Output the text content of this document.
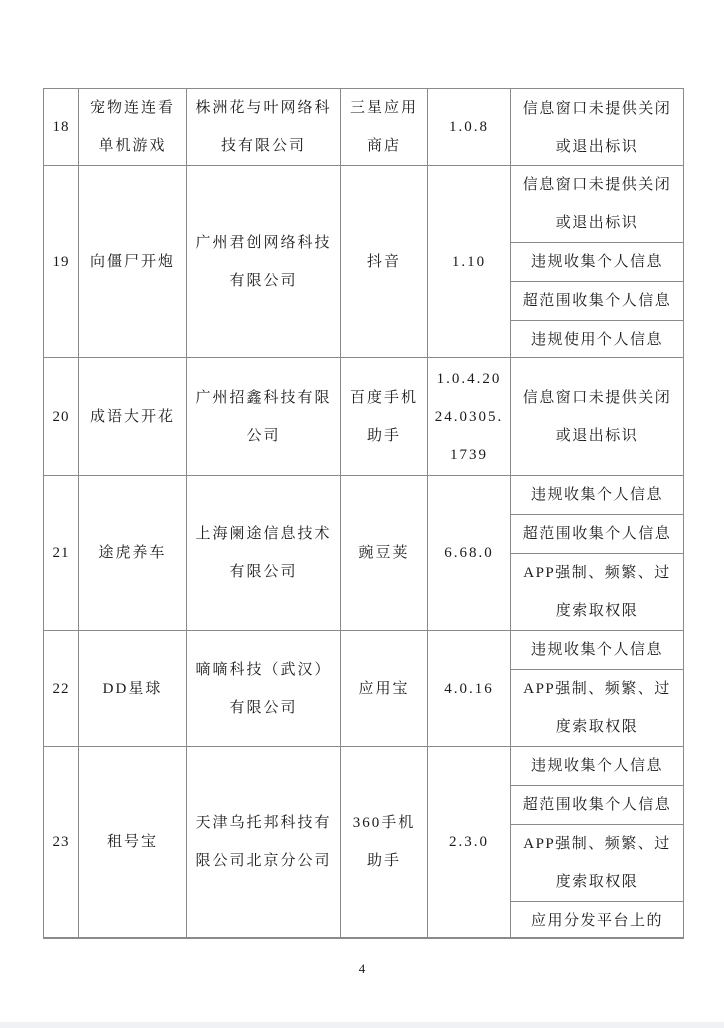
18	宠物连连看单机游戏	株洲花与叶网络科技有限公司	三星应用商店	1.0.8	信息窗口未提供关闭或退出标识

19	向僵尸开炮	广州君创网络科技有限公司	抖音	1.10	信息窗口未提供关闭或退出标识
违规收集个人信息
超范围收集个人信息
违规使用个人信息

20	成语大开花	广州招鑫科技有限公司	百度手机助手	1.0.4.2024.0305.1739	信息窗口未提供关闭或退出标识

21	途虎养车	上海阑途信息技术有限公司	豌豆荚	6.68.0	违规收集个人信息
超范围收集个人信息
APP强制、频繁、过度索取权限

22	DD星球	嘀嘀科技（武汉）有限公司	应用宝	4.0.16	违规收集个人信息
APP强制、频繁、过度索取权限

23	租号宝	天津乌托邦科技有限公司北京分公司	360手机助手	2.3.0	违规收集个人信息
超范围收集个人信息
APP强制、频繁、过度索取权限
应用分发平台上的
4
